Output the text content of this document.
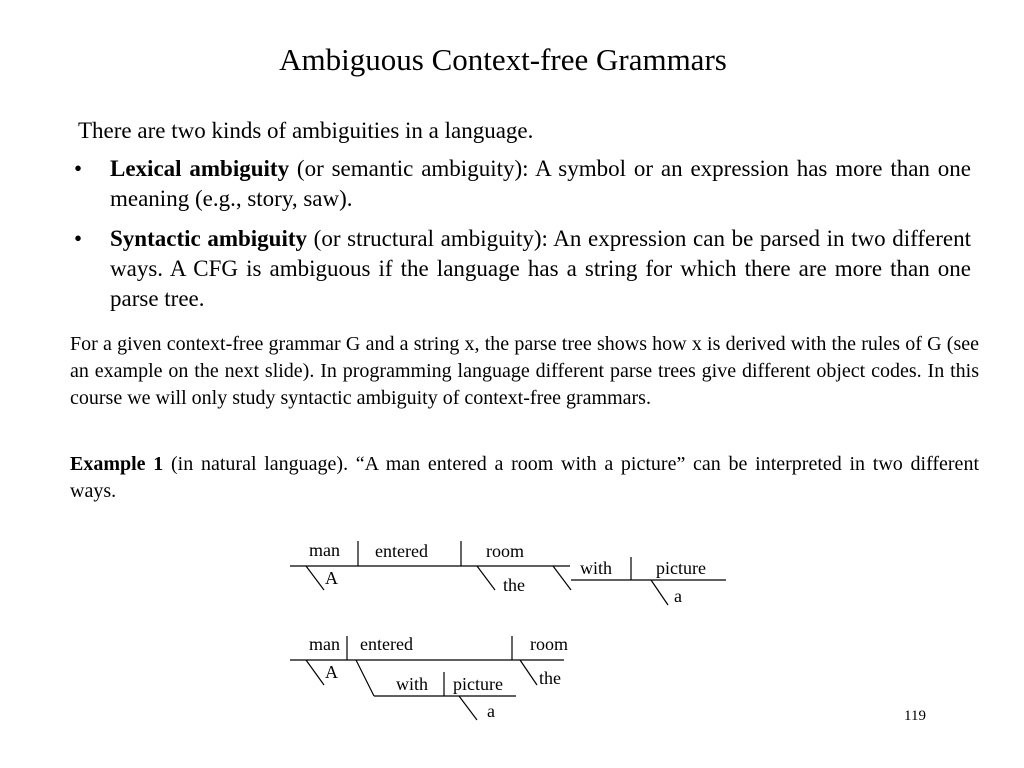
Ambiguous Context-free Grammars
There are two kinds of ambiguities in a language.
• Lexical ambiguity (or semantic ambiguity): A symbol or an expression has more than one meaning (e.g., story, saw).
• Syntactic ambiguity (or structural ambiguity): An expression can be parsed in two different ways. A CFG is ambiguous if the language has a string for which there are more than one parse tree.
For a given context-free grammar G and a string x, the parse tree shows how x is derived with the rules of G (see an example on the next slide). In programming language different parse trees give different object codes. In this course we will only study syntactic ambiguity of context-free grammars.
Example 1 (in natural language). “A man entered a room with a picture” can be interpreted in two different ways.
man
A
entered	room
the
with picture
a
man
A
entered	room
the
with picture
a	119
